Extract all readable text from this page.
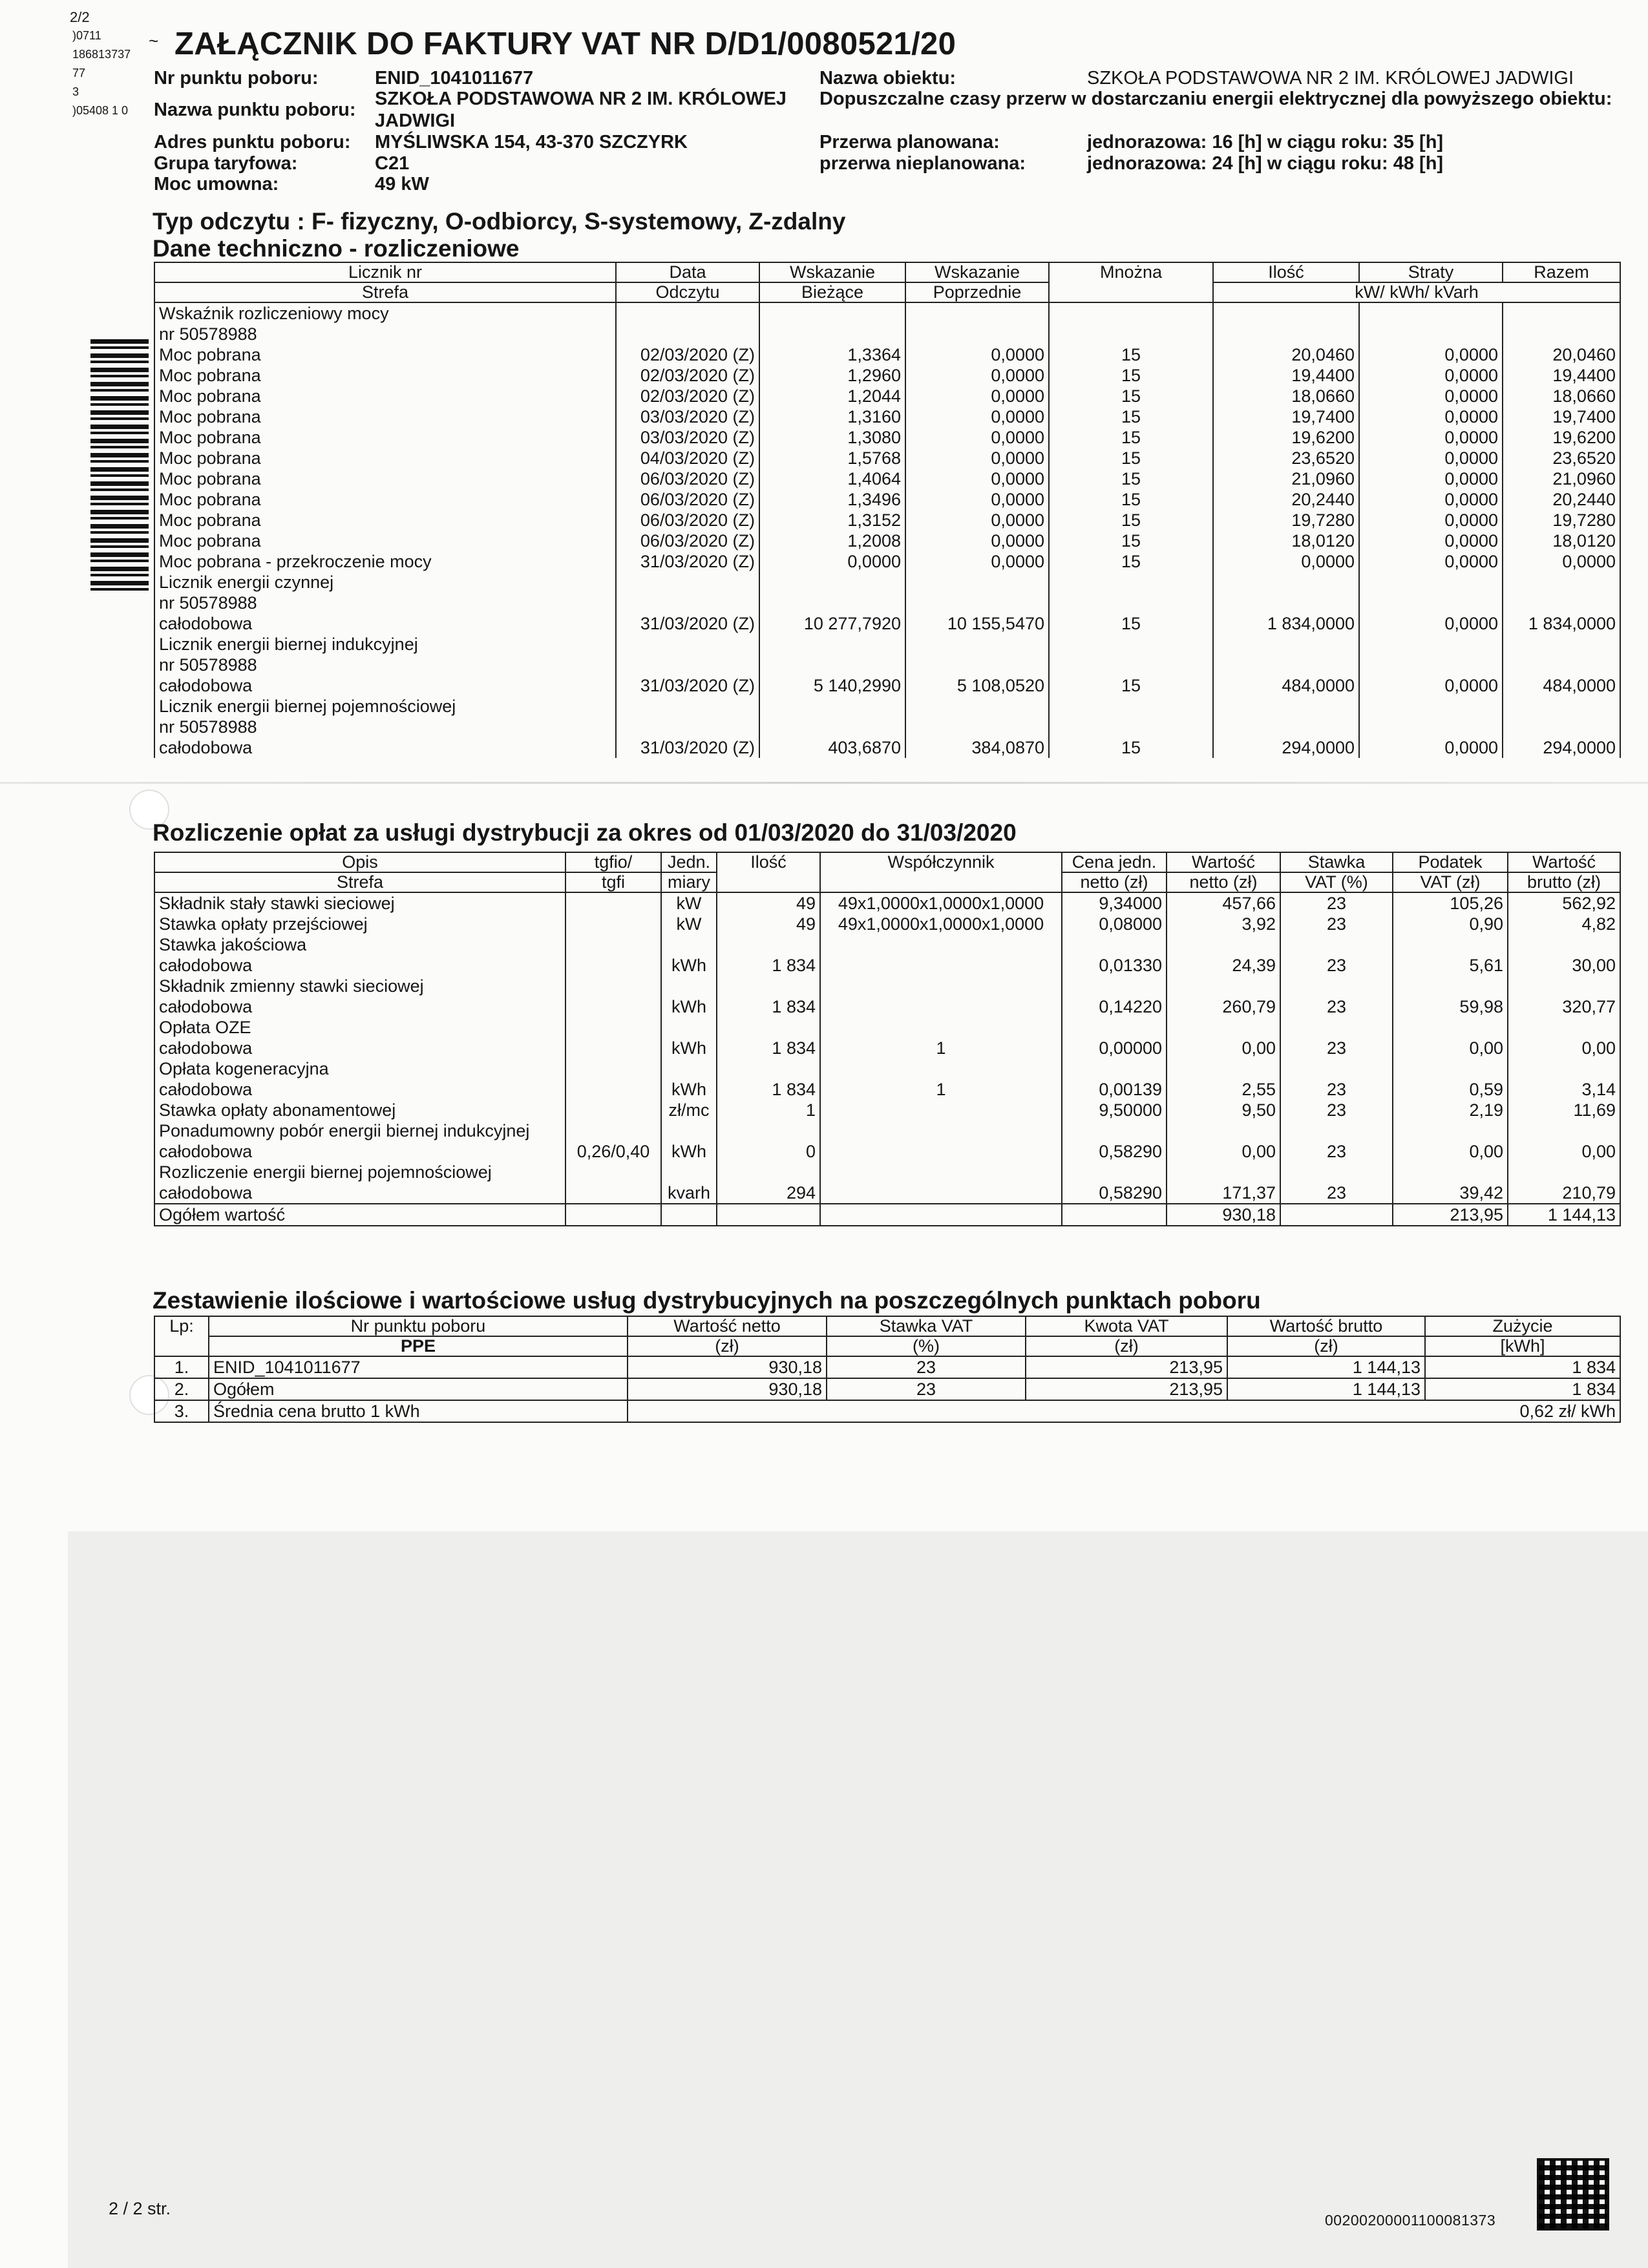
2/2
)0711
186813737
77
3
)05408 1 0
~ ZAŁĄCZNIK DO FAKTURY VAT NR D/D1/0080521/20
Nr punktu poboru:	ENID_1041011677
Nazwa punktu poboru:
SZKOŁA PODSTAWOWA NR 2 IM. KRÓLOWEJ
JADWIGI
Adres punktu poboru: MYŚLIWSKA 154, 43-370 SZCZYRK
Grupa taryfowa:	C21
Moc umowna:	49 kW
Nazwa obiektu:	SZKOŁA PODSTAWOWA NR 2 IM. KRÓLOWEJ JADWIGI
Dopuszczalne czasy przerw w dostarczaniu energii elektrycznej dla powyższego obiektu:
Przerwa planowana:	jednorazowa: 16 [h] w ciągu roku: 35 [h]
przerwa nieplanowana:	jednorazowa: 24 [h] w ciągu roku: 48 [h]
Typ odczytu : F- fizyczny, O-odbiorcy, S-systemowy, Z-zdalny
Dane techniczno - rozliczeniowe
Licznik nr	Data	Wskazanie	Wskazanie	Mnożna	Ilość	Straty	Razem
Strefa	Odczytu	Bieżące	Poprzednie		kW/ kWh/ kVarh		
Wskaźnik rozliczeniowy mocy							
nr 50578988							
Moc pobrana	02/03/2020 (Z)	1,3364	0,0000	15	20,0460	0,0000	20,0460
Moc pobrana	02/03/2020 (Z)	1,2960	0,0000	15	19,4400	0,0000	19,4400
Moc pobrana	02/03/2020 (Z)	1,2044	0,0000	15	18,0660	0,0000	18,0660
Moc pobrana	03/03/2020 (Z)	1,3160	0,0000	15	19,7400	0,0000	19,7400
Moc pobrana	03/03/2020 (Z)	1,3080	0,0000	15	19,6200	0,0000	19,6200
Moc pobrana	04/03/2020 (Z)	1,5768	0,0000	15	23,6520	0,0000	23,6520
Moc pobrana	06/03/2020 (Z)	1,4064	0,0000	15	21,0960	0,0000	21,0960
Moc pobrana	06/03/2020 (Z)	1,3496	0,0000	15	20,2440	0,0000	20,2440
Moc pobrana	06/03/2020 (Z)	1,3152	0,0000	15	19,7280	0,0000	19,7280
Moc pobrana	06/03/2020 (Z)	1,2008	0,0000	15	18,0120	0,0000	18,0120
Moc pobrana - przekroczenie mocy	31/03/2020 (Z)	0,0000	0,0000	15	0,0000	0,0000	0,0000
Licznik energii czynnej							
nr 50578988							
całodobowa	31/03/2020 (Z)	10 277,7920	10 155,5470	15	1 834,0000	0,0000	1 834,0000
Licznik energii biernej indukcyjnej							
nr 50578988							
całodobowa	31/03/2020 (Z)	5 140,2990	5 108,0520	15	484,0000	0,0000	484,0000
Licznik energii biernej pojemnościowej							
nr 50578988							
całodobowa	31/03/2020 (Z)	403,6870	384,0870	15	294,0000	0,0000	294,0000
Rozliczenie opłat za usługi dystrybucji za okres od 01/03/2020 do 31/03/2020
Opis	tgfio/	Jedn.	Ilość	Współczynnik	Cena jedn.	Wartość	Stawka	Podatek	Wartość
Strefa	tgfi	miary			netto (zł)	netto (zł)	VAT (%)	VAT (zł)	brutto (zł)
Składnik stały stawki sieciowej		kW	49	49x1,0000x1,0000x1,0000	9,34000	457,66	23	105,26	562,92
Stawka opłaty przejściowej		kW	49	49x1,0000x1,0000x1,0000	0,08000	3,92	23	0,90	4,82
Stawka jakościowa									
całodobowa		kWh	1 834		0,01330	24,39	23	5,61	30,00
Składnik zmienny stawki sieciowej									
całodobowa		kWh	1 834		0,14220	260,79	23	59,98	320,77
Opłata OZE									
całodobowa		kWh	1 834	1	0,00000	0,00	23	0,00	0,00
Opłata kogeneracyjna									
całodobowa		kWh	1 834	1	0,00139	2,55	23	0,59	3,14
Stawka opłaty abonamentowej		zł/mc	1		9,50000	9,50	23	2,19	11,69
Ponadumowny pobór energii biernej indukcyjnej									
całodobowa	0,26/0,40	kWh	0		0,58290	0,00	23	0,00	0,00
Rozliczenie energii biernej pojemnościowej									
całodobowa		kvarh	294		0,58290	171,37	23	39,42	210,79
Ogółem wartość						930,18		213,95	1 144,13
Zestawienie ilościowe i wartościowe usług dystrybucyjnych na poszczególnych punktach poboru
Lp:	Nr punktu poboru	Wartość netto	Stawka VAT	Kwota VAT	Wartość brutto	Zużycie
	PPE	(zł)	(%)	(zł)	(zł)	[kWh]
1.	ENID_1041011677	930,18	23	213,95	1 144,13	1 834
2.	Ogółem	930,18	23	213,95	1 144,13	1 834
3.	Średnia cena brutto 1 kWh	0,62 zł/ kWh				
2 / 2 str.
00200200001100081373
